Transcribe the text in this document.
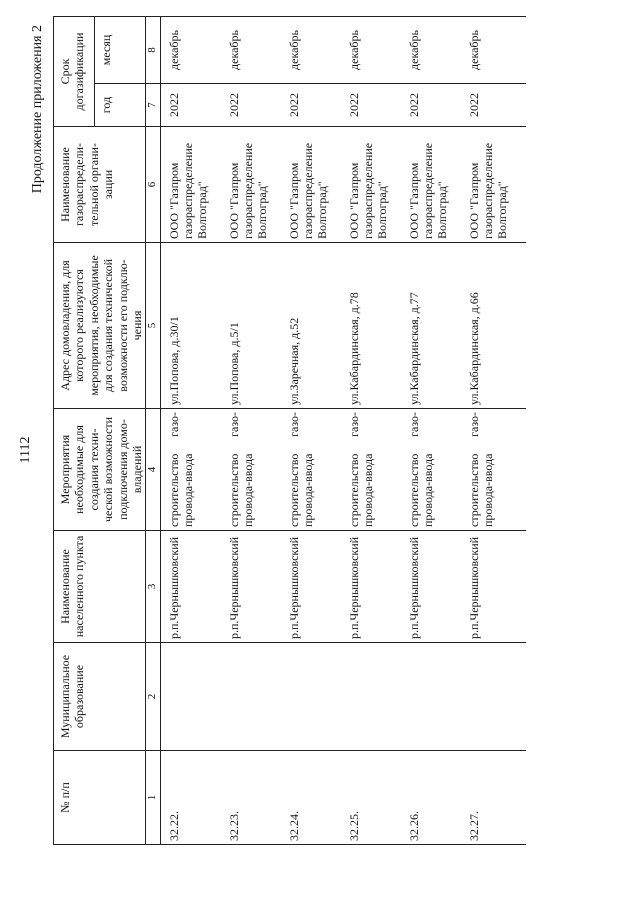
1112
Продолжение приложения 2
№ п/п	Муниципальное образование	Наименование населенного пункта	Мероприятия необходимые для создания техни-ческой возможности подключения домо-владений	Адрес домовладения, для которого реализуются мероприятия, необходимые для создания технической возможности его подклю-чения	Наименование газораспредели-тельной органи-зации	Срок догазификации	
						год	месяц
1	2	3	4	5	6	7	8
32.22.		р.п.Чернышковский	строительство газо-провода-ввода	ул.Попова, д.30/1	ООО "Газпром газораспределение Волгоград"	2022	декабрь
32.23.		р.п.Чернышковский	строительство газо-провода-ввода	ул.Попова, д.5/1	ООО "Газпром газораспределение Волгоград"	2022	декабрь
32.24.		р.п.Чернышковский	строительство газо-провода-ввода	ул.Заречная, д.52	ООО "Газпром газораспределение Волгоград"	2022	декабрь
32.25.		р.п.Чернышковский	строительство газо-провода-ввода	ул.Кабардинская, д.78	ООО "Газпром газораспределение Волгоград"	2022	декабрь
32.26.		р.п.Чернышковский	строительство газо-провода-ввода	ул.Кабардинская, д.77	ООО "Газпром газораспределение Волгоград"	2022	декабрь
32.27.		р.п.Чернышковский	строительство газо-провода-ввода	ул.Кабардинская, д.66	ООО "Газпром газораспределение Волгоград"	2022	декабрь
